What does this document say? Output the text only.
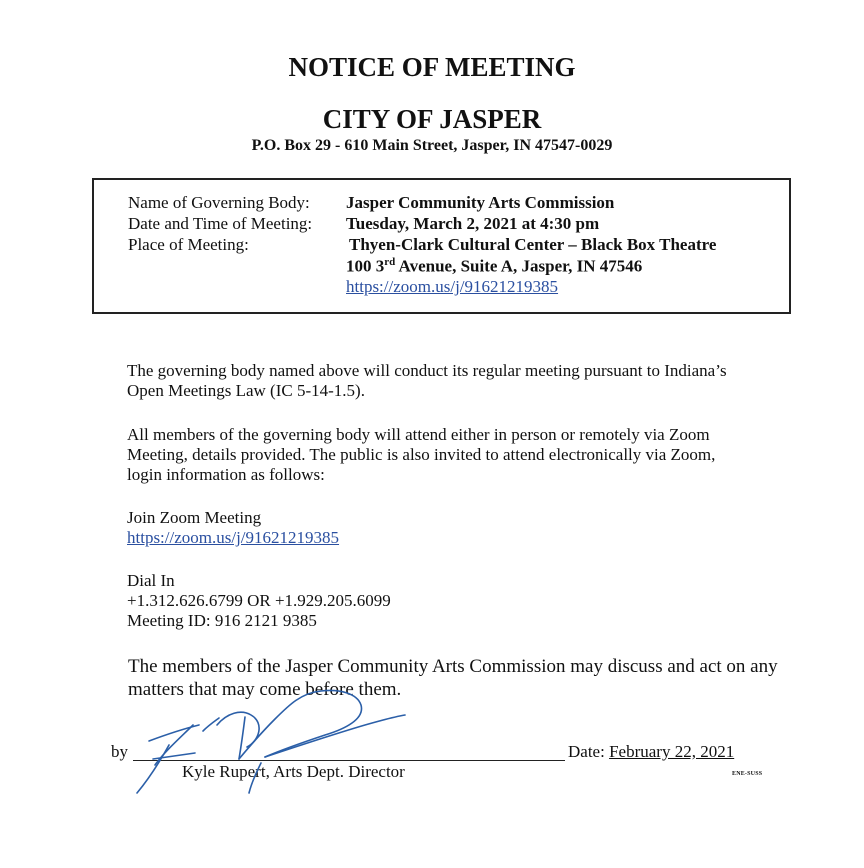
NOTICE OF MEETING
CITY OF JASPER
P.O. Box 29 - 610 Main Street, Jasper, IN 47547-0029
Name of Governing Body: Jasper Community Arts Commission
Date and Time of Meeting: Tuesday, March 2, 2021 at 4:30 pm
Place of Meeting:	Thyen-Clark Cultural Center – Black Box Theatre
100 3rd Avenue, Suite A, Jasper, IN 47546
https://zoom.us/j/91621219385
The governing body named above will conduct its regular meeting pursuant to Indiana’s
Open Meetings Law (IC 5-14-1.5).
All members of the governing body will attend either in person or remotely via Zoom
Meeting, details provided. The public is also invited to attend electronically via Zoom,
login information as follows:
Join Zoom Meeting
https://zoom.us/j/91621219385
Dial In
+1.312.626.6799 OR +1.929.205.6099
Meeting ID: 916 2121 9385
The members of the Jasper Community Arts Commission may discuss and act on any
matters that may come before them.
by
Kyle Rupert, Arts Dept. Director
Date: February 22, 2021
ENE-SUSS
